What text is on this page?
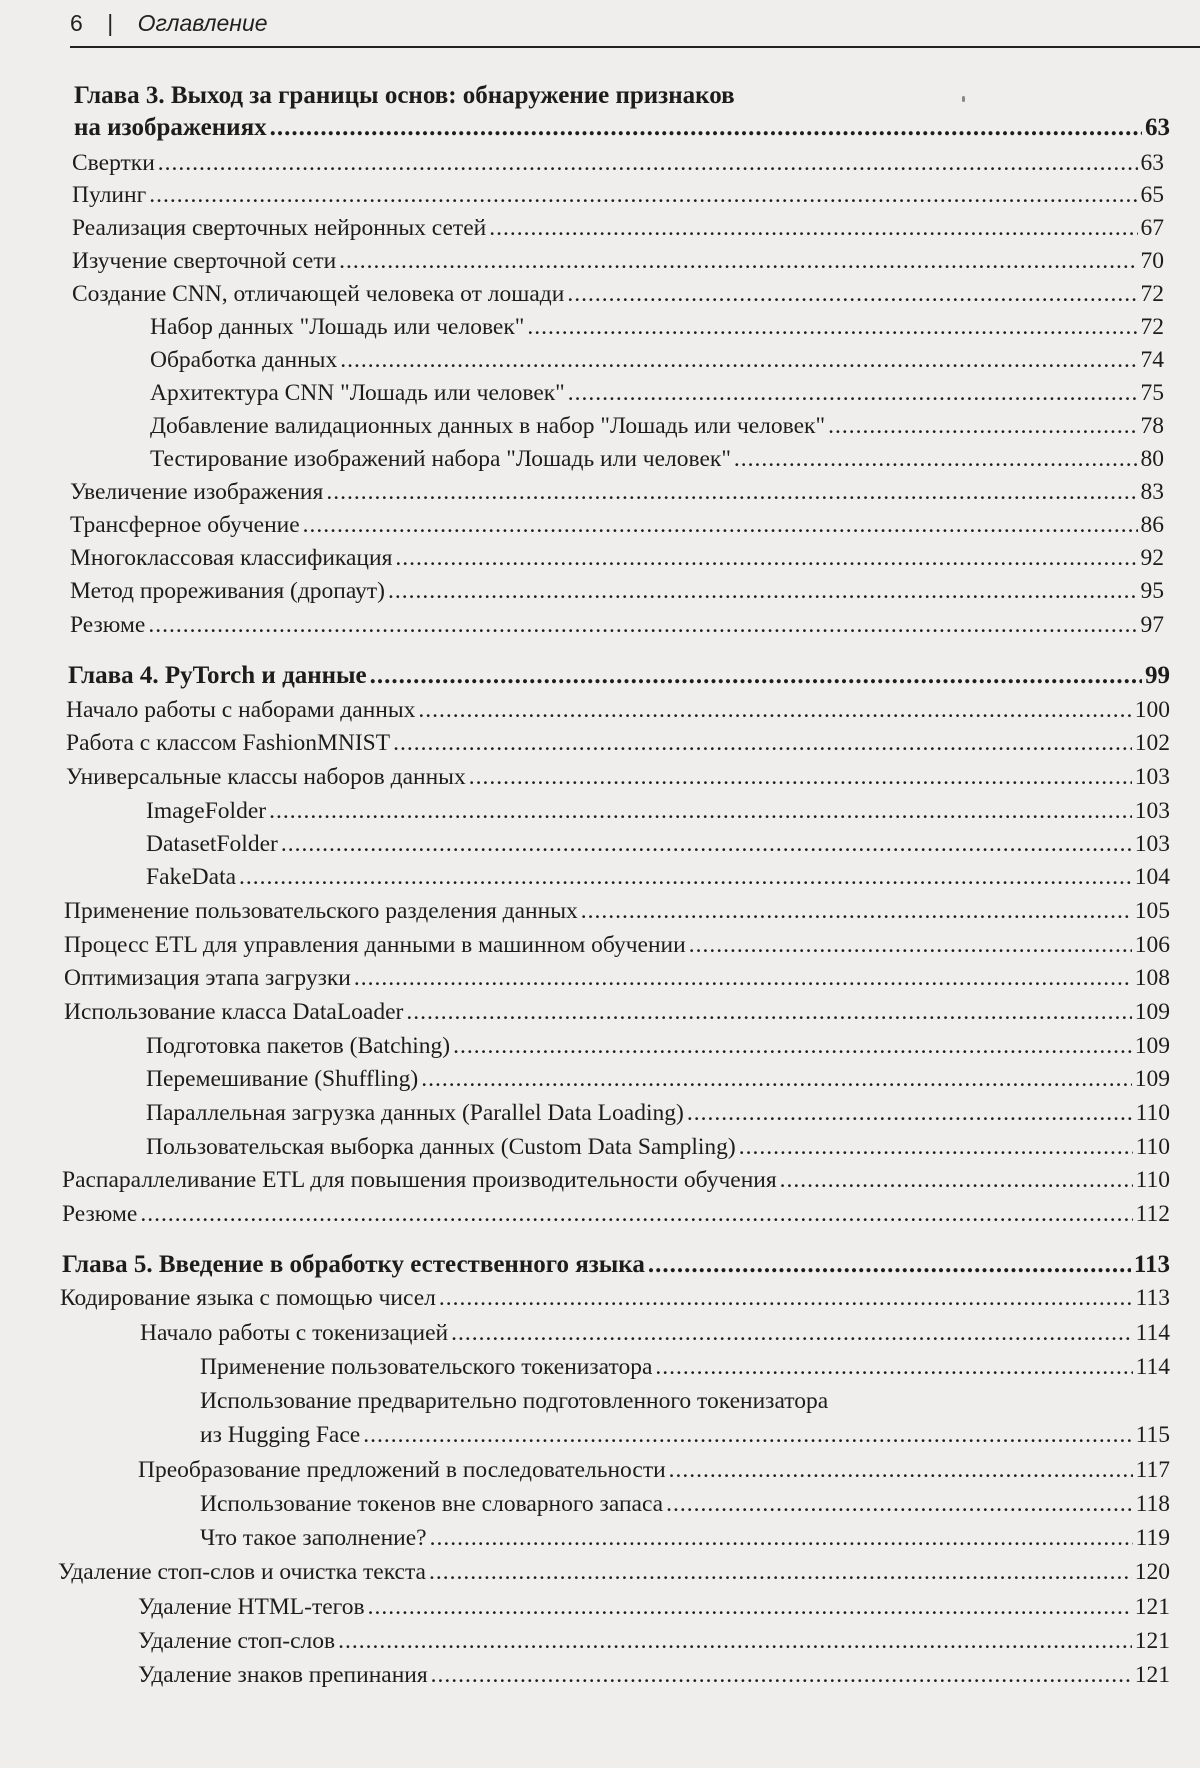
6 | Оглавление
Глава 3. Выход за границы основ: обнаружение признаков
на изображениях .....	63
Свертки .....	63
Пулинг .....	65
Реализация сверточных нейронных сетей .....	67
Изучение сверточной сети .....	70
Создание CNN, отличающей человека от лошади .....	72
Набор данных "Лошадь или человек" .....	72
Обработка данных .....	74
Архитектура CNN "Лошадь или человек" .....	75
Добавление валидационных данных в набор "Лошадь или человек" .....	78
Тестирование изображений набора "Лошадь или человек" .....	80
Увеличение изображения .....	83
Трансферное обучение .....	86
Многоклассовая классификация .....	92
Метод прореживания (дропаут) .....	95
Резюме .....	97
Глава 4. PyTorch и данные .....	99
Начало работы с наборами данных .....	100
Работа с классом FashionMNIST .....	102
Универсальные классы наборов данных .....	103
ImageFolder .....	103
DatasetFolder .....	103
FakeData .....	104
Применение пользовательского разделения данных .....	105
Процесс ETL для управления данными в машинном обучении .....	106
Оптимизация этапа загрузки .....	108
Использование класса DataLoader .....	109
Подготовка пакетов (Batching) .....	109
Перемешивание (Shuffling) .....	109
Параллельная загрузка данных (Parallel Data Loading) .....	110
Пользовательская выборка данных (Custom Data Sampling) .....	110
Распараллеливание ETL для повышения производительности обучения .....	110
Резюме .....	112
Глава 5. Введение в обработку естественного языка .....	113
Кодирование языка с помощью чисел .....	113
Начало работы с токенизацией .....	114
Применение пользовательского токенизатора .....	114
Использование предварительно подготовленного токенизатора
из Hugging Face .....	115
Преобразование предложений в последовательности .....	117
Использование токенов вне словарного запаса .....	118
Что такое заполнение? .....	119
Удаление стоп-слов и очистка текста .....	120
Удаление HTML-тегов .....	121
Удаление стоп-слов .....	121
Удаление знаков препинания .....	121
